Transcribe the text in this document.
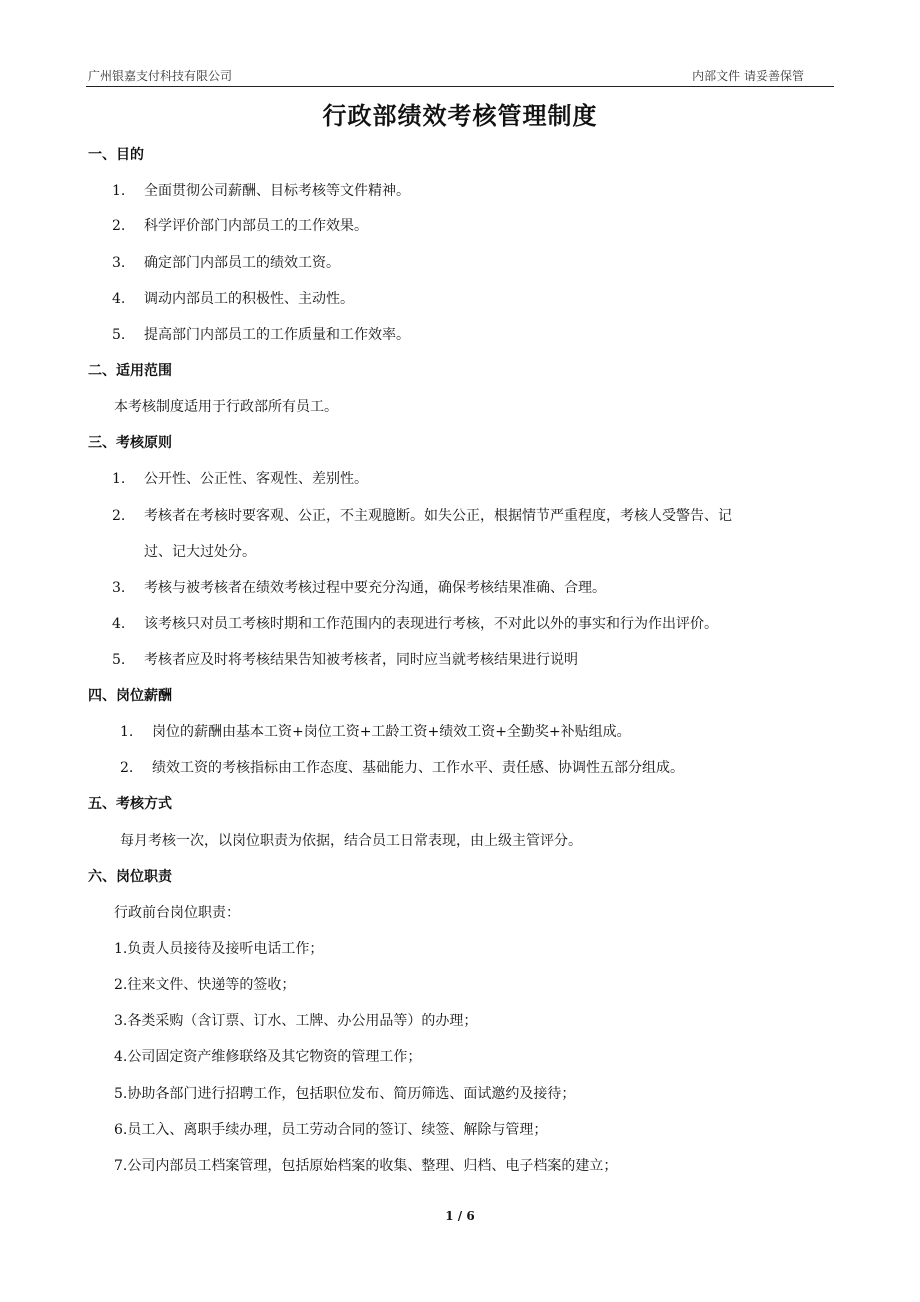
广州银嘉支付科技有限公司	内部文件 请妥善保管
行政部绩效考核管理制度
一、目的
1. 全面贯彻公司薪酬、目标考核等文件精神。
2. 科学评价部门内部员工的工作效果。
3. 确定部门内部员工的绩效工资。
4. 调动内部员工的积极性、主动性。
5. 提高部门内部员工的工作质量和工作效率。
二、适用范围
本考核制度适用于行政部所有员工。
三、考核原则
1. 公开性、公正性、客观性、差别性。
2. 考核者在考核时要客观、公正，不主观臆断。如失公正，根据情节严重程度，考核人受警告、记
过、记大过处分。
3. 考核与被考核者在绩效考核过程中要充分沟通，确保考核结果准确、合理。
4. 该考核只对员工考核时期和工作范围内的表现进行考核，不对此以外的事实和行为作出评价。
5. 考核者应及时将考核结果告知被考核者，同时应当就考核结果进行说明
四、岗位薪酬
1. 岗位的薪酬由基本工资+岗位工资+工龄工资+绩效工资+全勤奖+补贴组成。
2. 绩效工资的考核指标由工作态度、基础能力、工作水平、责任感、协调性五部分组成。
五、考核方式
每月考核一次，以岗位职责为依据，结合员工日常表现，由上级主管评分。
六、岗位职责
行政前台岗位职责：
1.负责人员接待及接听电话工作；
2.往来文件、快递等的签收；
3.各类采购（含订票、订水、工牌、办公用品等）的办理；
4.公司固定资产维修联络及其它物资的管理工作；
5.协助各部门进行招聘工作，包括职位发布、简历筛选、面试邀约及接待；
6.员工入、离职手续办理，员工劳动合同的签订、续签、解除与管理；
7.公司内部员工档案管理，包括原始档案的收集、整理、归档、电子档案的建立；
1 / 6
